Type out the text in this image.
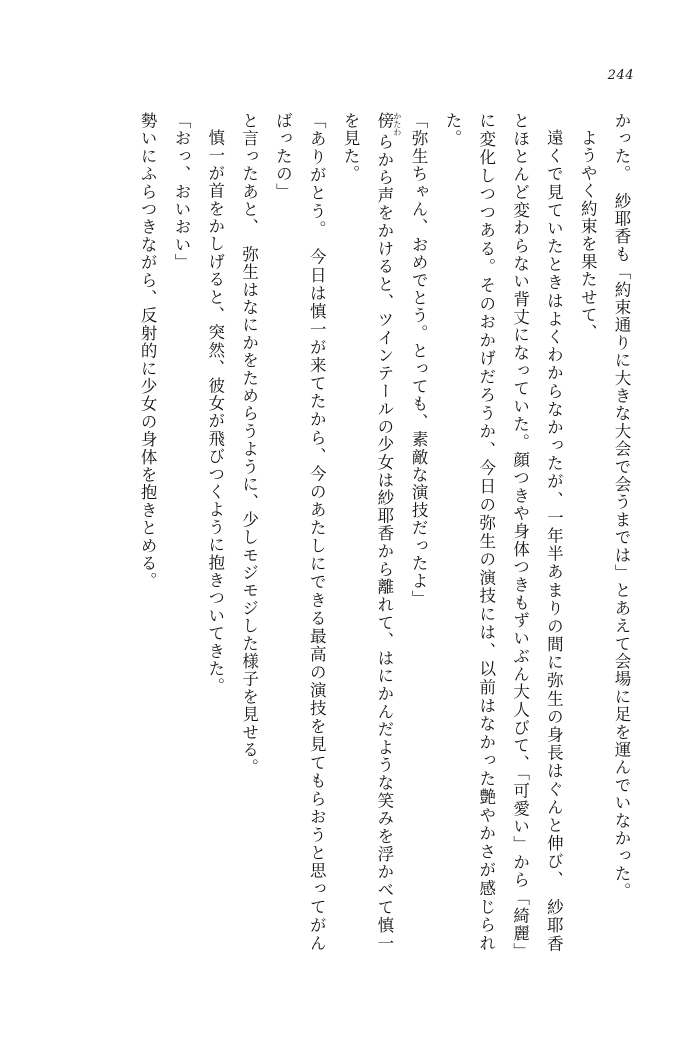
244

かった。　紗耶香も「約束通りに大きな大会で会うまでは」とあえて会場に足を運んでいなかった。

ようやく約束を果たせて、

遠くで見ていたときはよくわからなかったが、一年半あまりの間に弥生の身長はぐんと伸び、　紗耶香とほとんど変わらない背丈になっていた。顔つきや身体つきもずいぶん大人びて、「可愛い」から「綺麗」に変化しつつある。そのおかげだろうか、今日の弥生の演技には、以前はなかった艶やかさが感じられた。

「弥生ちゃん、おめでとう。とっても、素敵な演技だったよ」

傍 かたわらから声をかけると、ツインテールの少女は紗耶香から離れて、はにかんだような笑みを浮かべて慎一を見た。

「ありがとう。　今日は慎一が来てたから、今のあたしにできる最高の演技を見てもらおうと思ってがんばったの」

と言ったあと、　弥生はなにかをためらうように、少しモジモジした様子を見せる。

慎一が首をかしげると、突然、彼女が飛びつくように抱きついてきた。

「おっ、おいおい」

勢いにふらつきながら、反射的に少女の身体を抱きとめる。
